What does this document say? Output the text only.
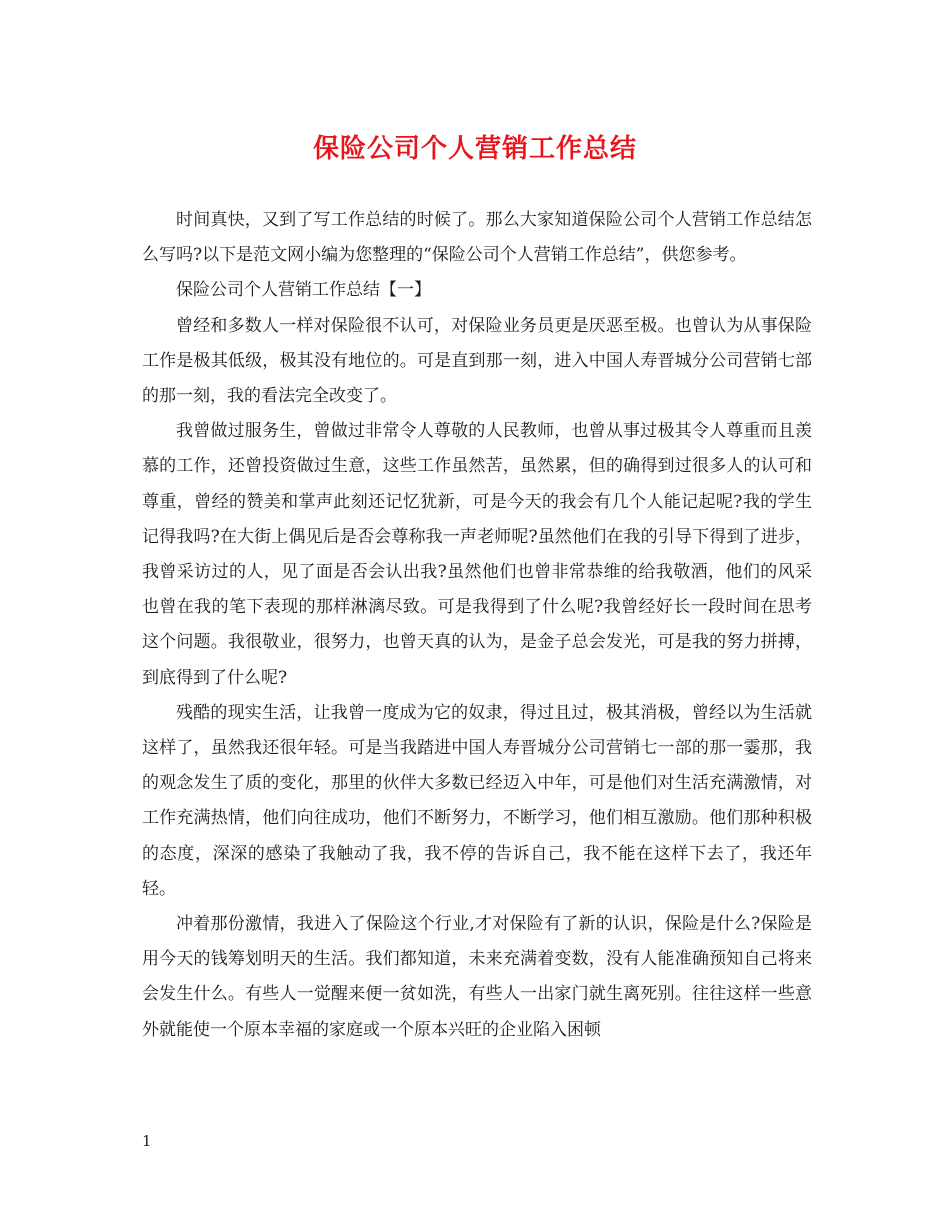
保险公司个人营销工作总结

时间真快，又到了写工作总结的时候了。那么大家知道保险公司个人营销工作总结怎么写吗?以下是范文网小编为您整理的“保险公司个人营销工作总结”，供您参考。

保险公司个人营销工作总结【一】

曾经和多数人一样对保险很不认可，对保险业务员更是厌恶至极。也曾认为从事保险工作是极其低级，极其没有地位的。可是直到那一刻，进入中国人寿晋城分公司营销七部的那一刻，我的看法完全改变了。

我曾做过服务生，曾做过非常令人尊敬的人民教师，也曾从事过极其令人尊重而且羡慕的工作，还曾投资做过生意，这些工作虽然苦，虽然累，但的确得到过很多人的认可和尊重，曾经的赞美和掌声此刻还记忆犹新，可是今天的我会有几个人能记起呢?我的学生记得我吗?在大街上偶见后是否会尊称我一声老师呢?虽然他们在我的引导下得到了进步，我曾采访过的人，见了面是否会认出我?虽然他们也曾非常恭维的给我敬酒，他们的风采也曾在我的笔下表现的那样淋漓尽致。可是我得到了什么呢?我曾经好长一段时间在思考这个问题。我很敬业，很努力，也曾天真的认为，是金子总会发光，可是我的努力拼搏，到底得到了什么呢?

残酷的现实生活，让我曾一度成为它的奴隶，得过且过，极其消极，曾经以为生活就这样了，虽然我还很年轻。可是当我踏进中国人寿晋城分公司营销七一部的那一霎那，我的观念发生了质的变化，那里的伙伴大多数已经迈入中年，可是他们对生活充满激情，对工作充满热情，他们向往成功，他们不断努力，不断学习，他们相互激励。他们那种积极的态度，深深的感染了我触动了我，我不停的告诉自己，我不能在这样下去了，我还年轻。

冲着那份激情，我进入了保险这个行业,才对保险有了新的认识，保险是什么?保险是用今天的钱筹划明天的生活。我们都知道，未来充满着变数，没有人能准确预知自己将来会发生什么。有些人一觉醒来便一贫如洗，有些人一出家门就生离死别。往往这样一些意外就能使一个原本幸福的家庭或一个原本兴旺的企业陷入困顿

1
